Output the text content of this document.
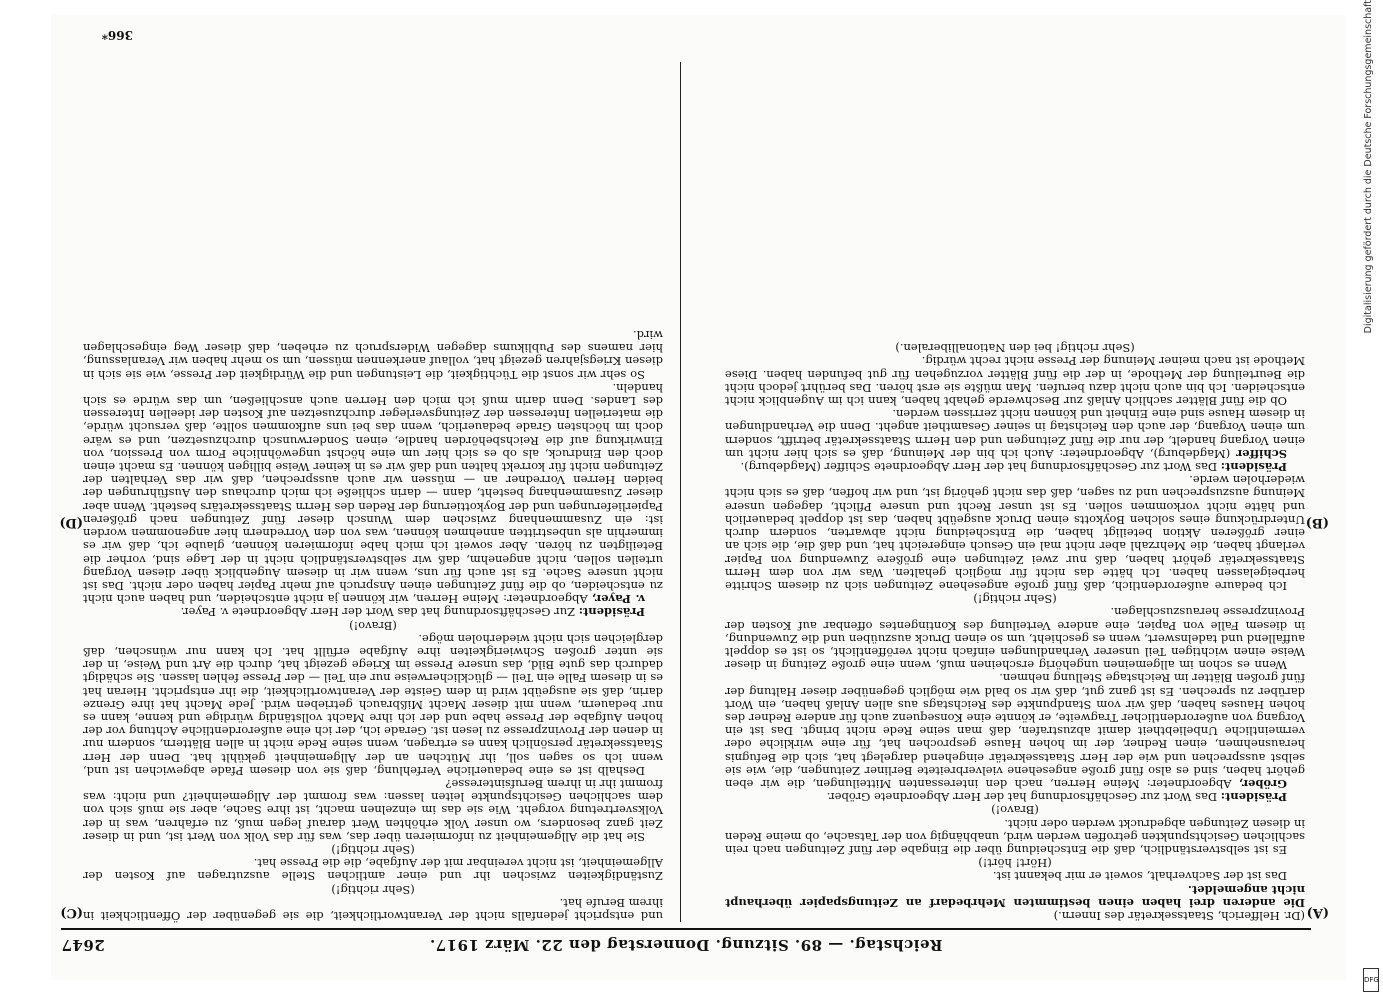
Reichstag. — 89. Sitzung. Donnerstag den 22. März 1917.
2647
(A)
(B)
(C)
(D)

(Dr. Helfferich, Staatssekretär des Innern.)

Die anderen drei haben einen bestimmten Mehrbedarf an Zeitungspapier überhaupt nicht angemeldet.

Das ist der Sachverhalt, soweit er mir bekannt ist.

(Hört! hört!)

Es ist selbstverständlich, daß die Entscheidung über die Eingabe der fünf Zeitungen nach rein sachlichen Gesichtspunkten getroffen werden wird, unabhängig von der Tatsache, ob meine Reden in diesen Zeitungen abgedruckt werden oder nicht.

(Bravo!)

Präsident: Das Wort zur Geschäftsordnung hat der Herr Abgeordnete Gröber.

Gröber, Abgeordneter: Meine Herren, nach den interessanten Mitteilungen, die wir eben gehört haben, sind es also fünf große angesehene vielverbreitete Berliner Zeitungen, die, wie sie selbst aussprechen und wie der Herr Staatssekretär eingehend dargelegt hat, sich die Befugnis herausnehmen, einen Redner, der im hohen Hause gesprochen hat, für eine wirkliche oder vermeintliche Unbeliebtheit damit abzustrafen, daß man seine Rede nicht bringt. Das ist ein Vorgang von außerordentlicher Tragweite, er könnte eine Konsequenz auch für andere Redner des hohen Hauses haben, daß wir vom Standpunkte des Reichstags aus allen Anlaß haben, ein Wort darüber zu sprechen. Es ist ganz gut, daß wir so bald wie möglich gegenüber dieser Haltung der fünf großen Blätter im Reichstage Stellung nehmen.

Wenn es schon im allgemeinen ungehörig erscheinen muß, wenn eine große Zeitung in dieser Weise einen wichtigen Teil unserer Verhandlungen einfach nicht veröffentlicht, so ist es doppelt auffallend und tadelnswert, wenn es geschieht, um so einen Druck auszuüben und die Zuwendung, in diesem Falle von Papier, eine andere Verteilung des Kontingentes offenbar auf Kosten der Provinzpresse herauszuschlagen.

(Sehr richtig!)

Ich bedaure außerordentlich, daß fünf große angesehene Zeitungen sich zu diesem Schritte herbeigelassen haben. Ich hätte das nicht für möglich gehalten. Was wir von dem Herrn Staatssekretär gehört haben, daß nur zwei Zeitungen eine größere Zuwendung von Papier verlangt haben, die Mehrzahl aber nicht mal ein Gesuch eingereicht hat, und daß die, die sich an einer größeren Aktion beteiligt haben, die Entscheidung nicht abwarten, sondern durch Unterdrückung eines solchen Boykotts einen Druck ausgeübt haben, das ist doppelt bedauerlich und hätte nicht vorkommen sollen. Es ist unser Recht und unsere Pflicht, dagegen unsere Meinung auszusprechen und zu sagen, daß das nicht gehörig ist, und wir hoffen, daß es sich nicht wiederholen werde.

Präsident: Das Wort zur Geschäftsordnung hat der Herr Abgeordnete Schiffer (Magdeburg).

Schiffer (Magdeburg), Abgeordneter: Auch ich bin der Meinung, daß es sich hier nicht um einen Vorgang handelt, der nur die fünf Zeitungen und den Herrn Staatssekretär betrifft, sondern um einen Vorgang, der auch den Reichstag in seiner Gesamtheit angeht. Denn die Verhandlungen in diesem Hause sind eine Einheit und können nicht zerrissen werden.

Ob die fünf Blätter sachlich Anlaß zur Beschwerde gehabt haben, kann ich im Augenblick nicht entscheiden. Ich bin auch nicht dazu berufen. Man müßte sie erst hören. Das berührt jedoch nicht die Beurteilung der Methode, in der die fünf Blätter vorzugehen für gut befunden haben. Diese Methode ist nach meiner Meinung der Presse nicht recht würdig.

(Sehr richtig! bei den Nationalliberalen.)

und entspricht jedenfalls nicht der Verantwortlichkeit, die sie gegenüber der Öffentlichkeit in ihrem Berufe hat.

(Sehr richtig!)

Zuständigkeiten zwischen ihr und einer amtlichen Stelle auszutragen auf Kosten der Allgemeinheit, ist nicht vereinbar mit der Aufgabe, die die Presse hat.

(Sehr richtig!)

Sie hat die Allgemeinheit zu informieren über das, was für das Volk von Wert ist, und in dieser Zeit ganz besonders, wo unser Volk erhöhten Wert darauf legen muß, zu erfahren, was in der Volksvertretung vorgeht. Wie sie das im einzelnen macht, ist ihre Sache, aber sie muß sich von dem sachlichen Gesichtspunkte leiten lassen: was frommt der Allgemeinheit? und nicht: was frommt ihr in ihrem Berufsinteresse?

Deshalb ist es eine bedauerliche Verfehlung, daß sie von diesem Pfade abgewichen ist und, wenn ich so sagen soll, ihr Mütchen an der Allgemeinheit gekühlt hat. Denn der Herr Staatssekretär persönlich kann es ertragen, wenn seine Rede nicht in allen Blättern, sondern nur in denen der Provinzpresse zu lesen ist. Gerade ich, der ich eine außerordentliche Achtung vor der hohen Aufgabe der Presse habe und der ich ihre Macht vollständig würdige und kenne, kann es nur bedauern, wenn mit dieser Macht Mißbrauch getrieben wird. Jede Macht hat ihre Grenze darin, daß sie ausgeübt wird in dem Geiste der Verantwortlichkeit, die ihr entspricht. Hieran hat es in diesem Falle ein Teil — glücklicherweise nur ein Teil — der Presse fehlen lassen. Sie schädigt dadurch das gute Bild, das unsere Presse im Kriege gezeigt hat, durch die Art und Weise, in der sie unter großen Schwierigkeiten ihre Aufgabe erfüllt hat. Ich kann nur wünschen, daß dergleichen sich nicht wiederholen möge.

(Bravo!)

Präsident: Zur Geschäftsordnung hat das Wort der Herr Abgeordnete v. Payer.

v. Payer, Abgeordneter: Meine Herren, wir können ja nicht entscheiden, und haben auch nicht zu entscheiden, ob die fünf Zeitungen einen Anspruch auf mehr Papier haben oder nicht. Das ist nicht unsere Sache. Es ist auch für uns, wenn wir in diesem Augenblick über diesen Vorgang urteilen sollen, nicht angenehm, daß wir selbstverständlich nicht in der Lage sind, vorher die Beteiligten zu hören. Aber soweit ich mich habe informieren können, glaube ich, daß wir es immerhin als unbestritten annehmen können, was von den Vorrednern hier angenommen worden ist: ein Zusammenhang zwischen dem Wunsch dieser fünf Zeitungen nach größeren Papierlieferungen und der Boykottierung der Reden des Herrn Staatssekretärs besteht. Wenn aber dieser Zusammenhang besteht, dann — darin schließe ich mich durchaus den Ausführungen der beiden Herren Vorredner an — müssen wir auch aussprechen, daß wir das Verhalten der Zeitungen nicht für korrekt halten und daß wir es in keiner Weise billigen können. Es macht einen doch den Eindruck, als ob es sich hier um eine höchst ungewöhnliche Form von Pression, von Einwirkung auf die Reichsbehörden handle, einen Sonderwunsch durchzusetzen, und es wäre doch im höchsten Grade bedauerlich, wenn das bei uns aufkommen sollte, daß versucht würde, die materiellen Interessen der Zeitungsverleger durchzusetzen auf Kosten der ideellen Interessen des Landes. Denn darin muß ich mich den Herren auch anschließen, um das würde es sich handeln.

So sehr wir sonst die Tüchtigkeit, die Leistungen und die Würdigkeit der Presse, wie sie sich in diesen Kriegsjahren gezeigt hat, vollauf anerkennen müssen, um so mehr haben wir Veranlassung, hier namens des Publikums dagegen Widerspruch zu erheben, daß dieser Weg eingeschlagen wird.

366*	Digitalisierung gefördert durch die Deutsche Forschungsgemeinschaft
DFG
